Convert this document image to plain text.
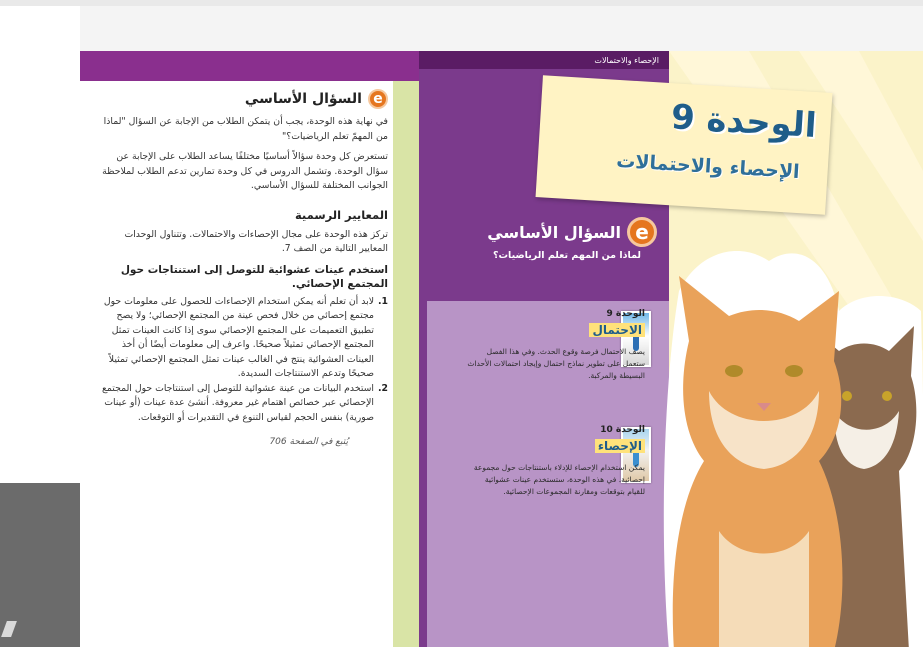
e
السؤال الأساسي

في نهاية هذه الوحدة، يجب أن يتمكن الطلاب من الإجابة عن السؤال "لماذا من المهمّ تعلم الرياضيات؟"

تستعرض كل وحدة سؤالاً أساسيًا مختلفًا يساعد الطلاب على الإجابة عن سؤال الوحدة. وتشمل الدروس في كل وحدة تمارين تدعم الطلاب لملاحظة الجوانب المختلفة للسؤال الأساسي.

المعايير الرسمية

تركز هذه الوحدة على مجال الإحصاءات والاحتمالات. وتتناول الوحدات المعايير التالية من الصف 7.

استخدم عينات عشوائية للتوصل إلى استنتاجات حول المجتمع الإحصائي.
1.
لابد أن تعلم أنه يمكن استخدام الإحصاءات للحصول على معلومات حول مجتمع إحصائي من خلال فحص عينة من المجتمع الإحصائي؛ ولا يصح تطبيق التعميمات على المجتمع الإحصائي سوى إذا كانت العينات تمثل المجتمع الإحصائي تمثيلاً صحيحًا. واعرف إلى معلومات أيضًا أن أخذ العينات العشوائية ينتج في الغالب عينات تمثل المجتمع الإحصائي تمثيلاً صحيحًا وتدعم الاستنتاجات السديدة.
2.
استخدم البيانات من عينة عشوائية للتوصل إلى استنتاجات حول المجتمع الإحصائي عبر خصائص اهتمام غير معروفة. أنشئ عدة عينات (أو عينات صورية) بنفس الحجم لقياس التنوع في التقديرات أو التوقعات.
يُتبع في الصفحة 706
الإحصاء والاحتمالات
الوحدة 9
الإحصاء والاحتمالات
e
السؤال الأساسي
لماذا من المهم تعلم الرياضيات؟
الوحدة 9
الاحتمال
يصف الاحتمال فرصة وقوع الحدث. وفي هذا الفصل ستعمل على تطوير نماذج احتمال وإيجاد احتمالات الأحداث البسيطة والمركبة.
الوحدة 10
الإحصاء
يمكن استخدام الإحصاء للإدلاء باستنتاجات حول مجموعة إحصائية. في هذه الوحدة، ستستخدم عينات عشوائية للقيام بتوقعات ومقارنة المجموعات الإحصائية.
Copyright © McGraw-Hill Education
